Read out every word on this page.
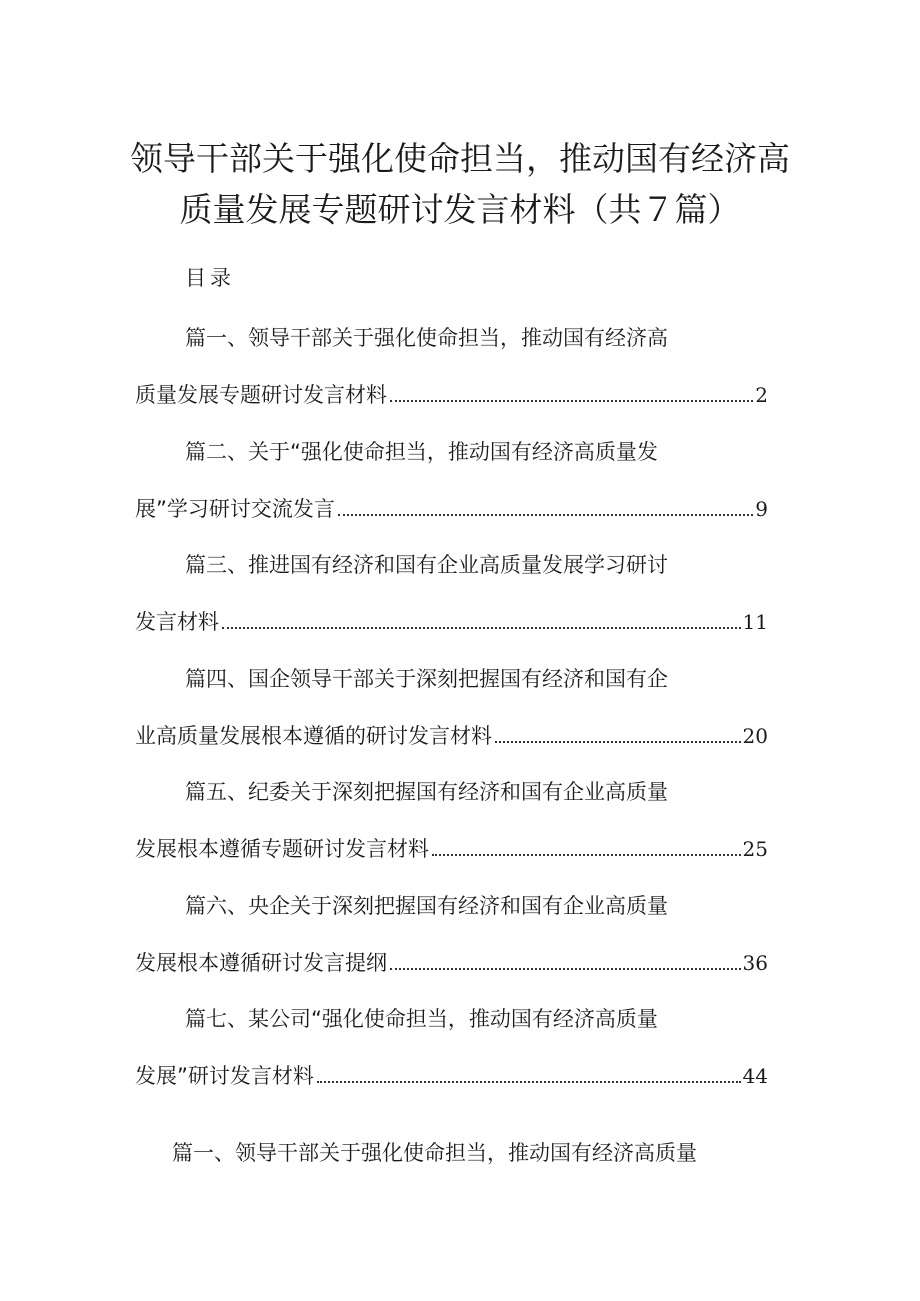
领导干部关于强化使命担当，推动国有经济高
质量发展专题研讨发言材料（共７篇）
目录
篇一、领导干部关于强化使命担当，推动国有经济高
质量发展专题研讨发言材料	2
篇二、关于“强化使命担当，推动国有经济高质量发
展”学习研讨交流发言	9
篇三、推进国有经济和国有企业高质量发展学习研讨
发言材料	11
篇四、国企领导干部关于深刻把握国有经济和国有企
业高质量发展根本遵循的研讨发言材料	20
篇五、纪委关于深刻把握国有经济和国有企业高质量
发展根本遵循专题研讨发言材料	25
篇六、央企关于深刻把握国有经济和国有企业高质量
发展根本遵循研讨发言提纲	36
篇七、某公司“强化使命担当，推动国有经济高质量
发展”研讨发言材料	44
篇一、领导干部关于强化使命担当，推动国有经济高质量
